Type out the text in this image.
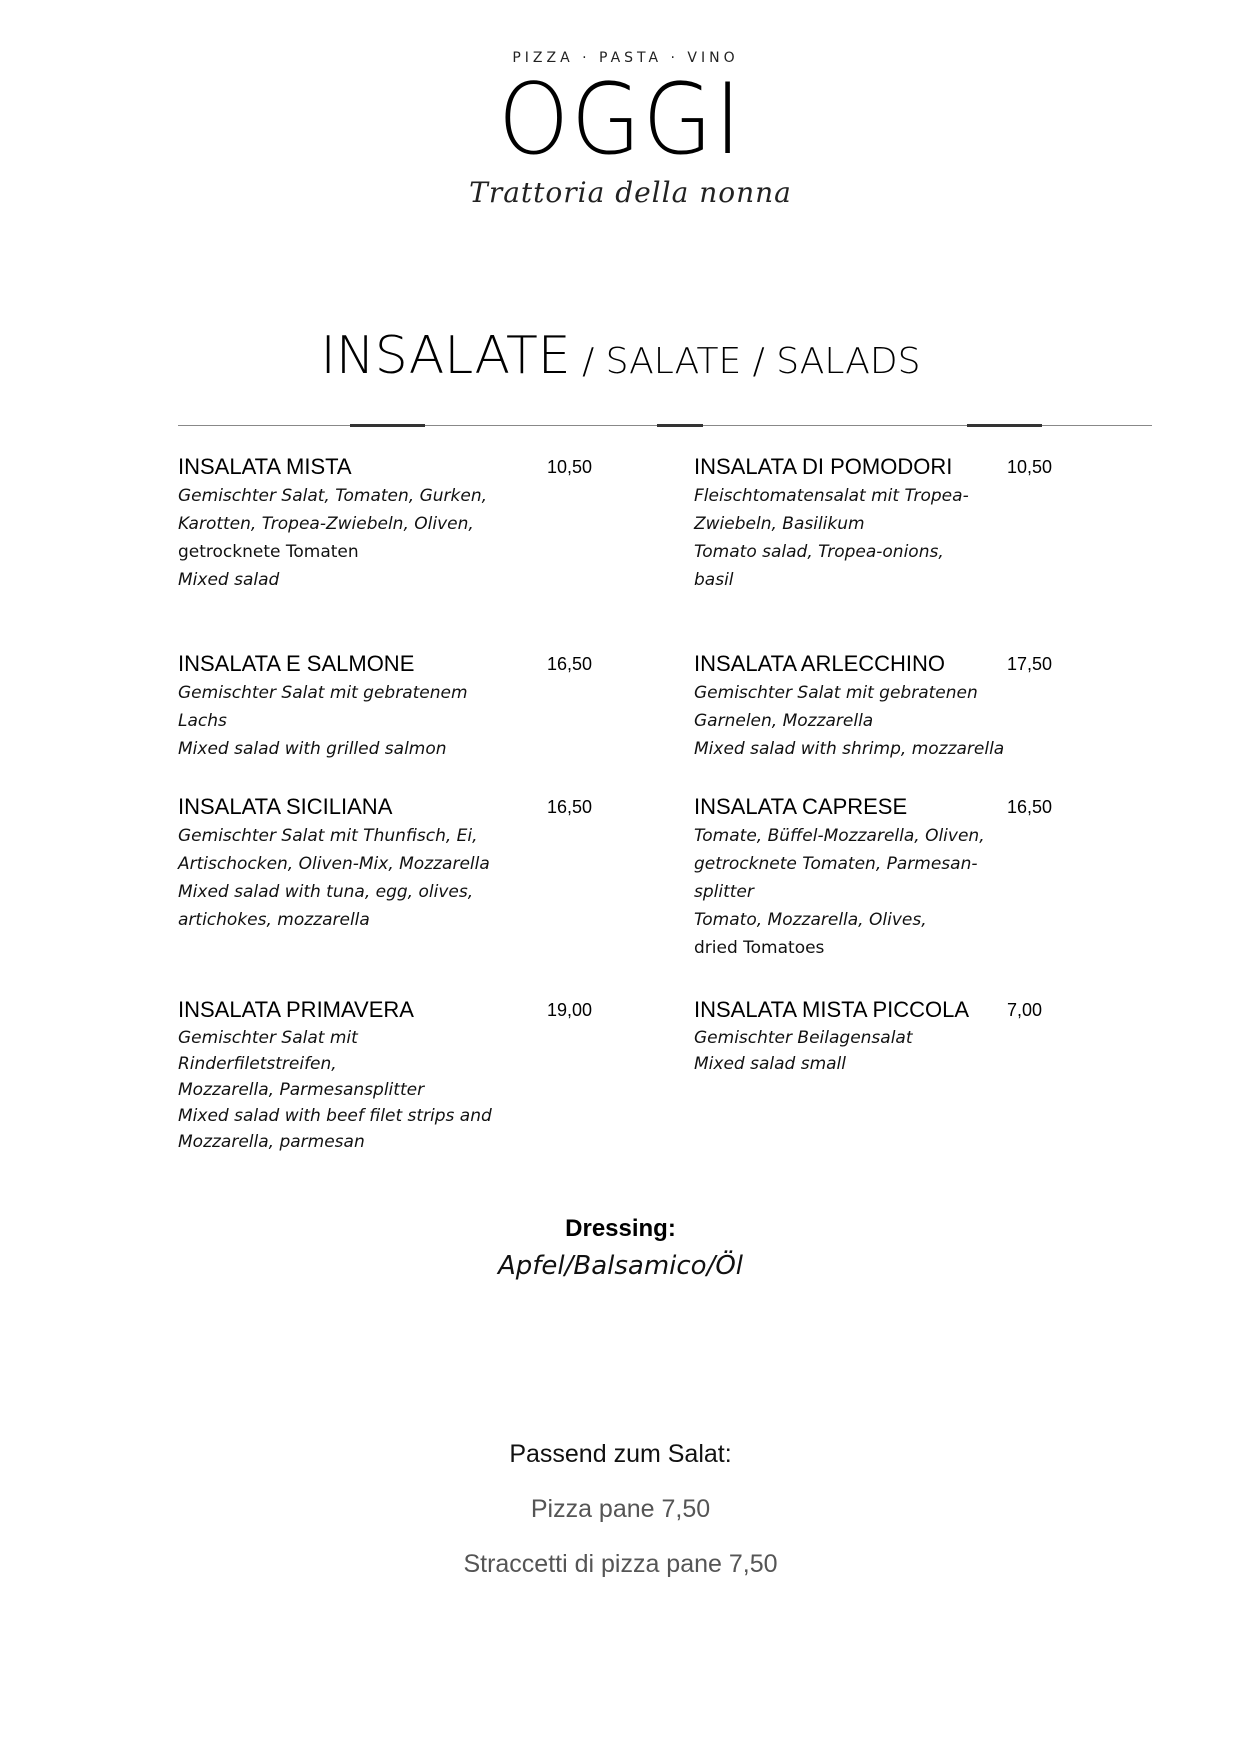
PIZZA · PASTA · VINO
OGGI
Trattoria della nonna
INSALATE / SALATE / SALADS
INSALATA MISTA
Gemischter Salat, Tomaten, Gurken,
Karotten, Tropea-Zwiebeln, Oliven,
getrocknete Tomaten
Mixed salad
10,50	INSALATA DI POMODORI
Fleischtomatensalat mit Tropea-
Zwiebeln, Basilikum
Tomato salad, Tropea-onions,
basil
10,50
INSALATA E SALMONE
Gemischter Salat mit gebratenem Lachs
Mixed salad with grilled salmon
16,50	INSALATA ARLECCHINO
Gemischter Salat mit gebratenen
Garnelen, Mozzarella
Mixed salad with shrimp, mozzarella
17,50
INSALATA SICILIANA
Gemischter Salat mit Thunfisch, Ei,
Artischocken, Oliven-Mix, Mozzarella
Mixed salad with tuna, egg, olives,
artichokes, mozzarella
16,50	INSALATA CAPRESE
Tomate, Büffel-Mozzarella, Oliven,
getrocknete Tomaten, Parmesan-
splitter
Tomato, Mozzarella, Olives,
dried Tomatoes
16,50
INSALATA PRIMAVERA
Gemischter Salat mit Rinderfiletstreifen,
Mozzarella, Parmesansplitter
Mixed salad with beef filet strips and
Mozzarella, parmesan
19,00	INSALATA MISTA PICCOLA
Gemischter Beilagensalat
Mixed salad small
7,00
Dressing:
Apfel/Balsamico/Öl
Passend zum Salat:
Pizza pane 7,50
Straccetti di pizza pane 7,50
